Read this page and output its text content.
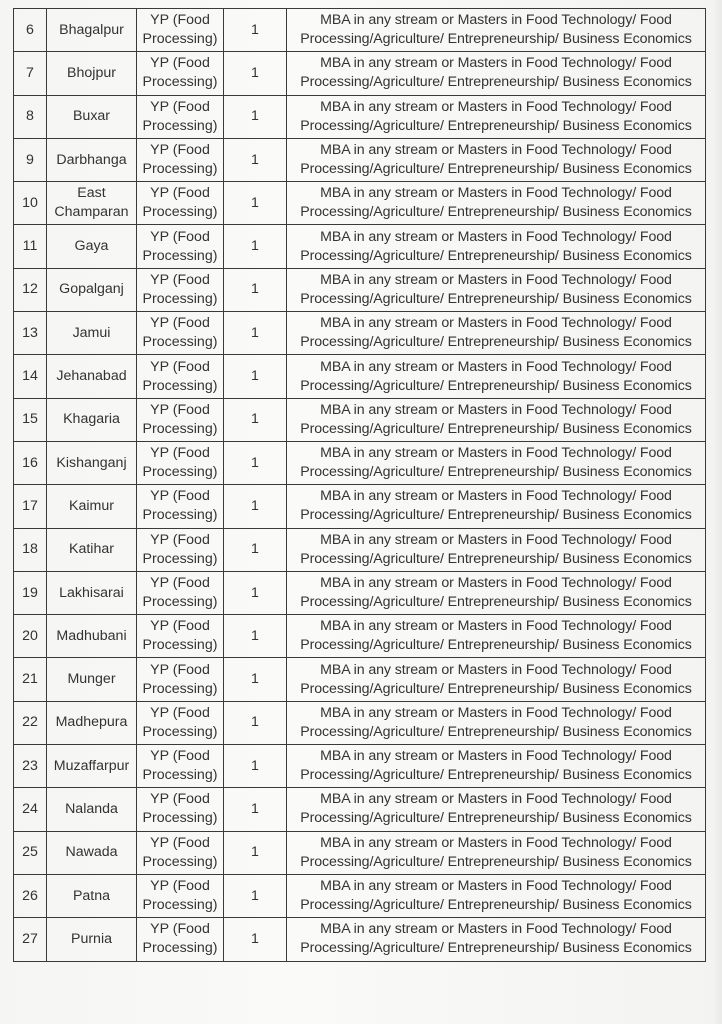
6	Bhagalpur	YP (Food Processing)	1	MBA in any stream or Masters in Food Technology/ Food Processing/Agriculture/ Entrepreneurship/ Business Economics
7	Bhojpur	YP (Food Processing)	1	MBA in any stream or Masters in Food Technology/ Food Processing/Agriculture/ Entrepreneurship/ Business Economics
8	Buxar	YP (Food Processing)	1	MBA in any stream or Masters in Food Technology/ Food Processing/Agriculture/ Entrepreneurship/ Business Economics
9	Darbhanga	YP (Food Processing)	1	MBA in any stream or Masters in Food Technology/ Food Processing/Agriculture/ Entrepreneurship/ Business Economics
10	East Champaran	YP (Food Processing)	1	MBA in any stream or Masters in Food Technology/ Food Processing/Agriculture/ Entrepreneurship/ Business Economics
11	Gaya	YP (Food Processing)	1	MBA in any stream or Masters in Food Technology/ Food Processing/Agriculture/ Entrepreneurship/ Business Economics
12	Gopalganj	YP (Food Processing)	1	MBA in any stream or Masters in Food Technology/ Food Processing/Agriculture/ Entrepreneurship/ Business Economics
13	Jamui	YP (Food Processing)	1	MBA in any stream or Masters in Food Technology/ Food Processing/Agriculture/ Entrepreneurship/ Business Economics
14	Jehanabad	YP (Food Processing)	1	MBA in any stream or Masters in Food Technology/ Food Processing/Agriculture/ Entrepreneurship/ Business Economics
15	Khagaria	YP (Food Processing)	1	MBA in any stream or Masters in Food Technology/ Food Processing/Agriculture/ Entrepreneurship/ Business Economics
16	Kishanganj	YP (Food Processing)	1	MBA in any stream or Masters in Food Technology/ Food Processing/Agriculture/ Entrepreneurship/ Business Economics
17	Kaimur	YP (Food Processing)	1	MBA in any stream or Masters in Food Technology/ Food Processing/Agriculture/ Entrepreneurship/ Business Economics
18	Katihar	YP (Food Processing)	1	MBA in any stream or Masters in Food Technology/ Food Processing/Agriculture/ Entrepreneurship/ Business Economics
19	Lakhisarai	YP (Food Processing)	1	MBA in any stream or Masters in Food Technology/ Food Processing/Agriculture/ Entrepreneurship/ Business Economics
20	Madhubani	YP (Food Processing)	1	MBA in any stream or Masters in Food Technology/ Food Processing/Agriculture/ Entrepreneurship/ Business Economics
21	Munger	YP (Food Processing)	1	MBA in any stream or Masters in Food Technology/ Food Processing/Agriculture/ Entrepreneurship/ Business Economics
22	Madhepura	YP (Food Processing)	1	MBA in any stream or Masters in Food Technology/ Food Processing/Agriculture/ Entrepreneurship/ Business Economics
23	Muzaffarpur	YP (Food Processing)	1	MBA in any stream or Masters in Food Technology/ Food Processing/Agriculture/ Entrepreneurship/ Business Economics
24	Nalanda	YP (Food Processing)	1	MBA in any stream or Masters in Food Technology/ Food Processing/Agriculture/ Entrepreneurship/ Business Economics
25	Nawada	YP (Food Processing)	1	MBA in any stream or Masters in Food Technology/ Food Processing/Agriculture/ Entrepreneurship/ Business Economics
26	Patna	YP (Food Processing)	1	MBA in any stream or Masters in Food Technology/ Food Processing/Agriculture/ Entrepreneurship/ Business Economics
27	Purnia	YP (Food Processing)	1	MBA in any stream or Masters in Food Technology/ Food Processing/Agriculture/ Entrepreneurship/ Business Economics
